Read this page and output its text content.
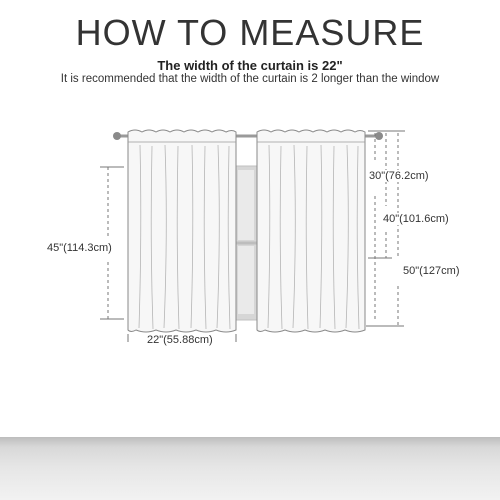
HOW TO MEASURE
The width of the curtain is 22"
It is recommended that the width of the curtain is 2 longer than the window
45"(114.3cm)
22"(55.88cm)
30"(76.2cm)
40"(101.6cm)
50"(127cm)
